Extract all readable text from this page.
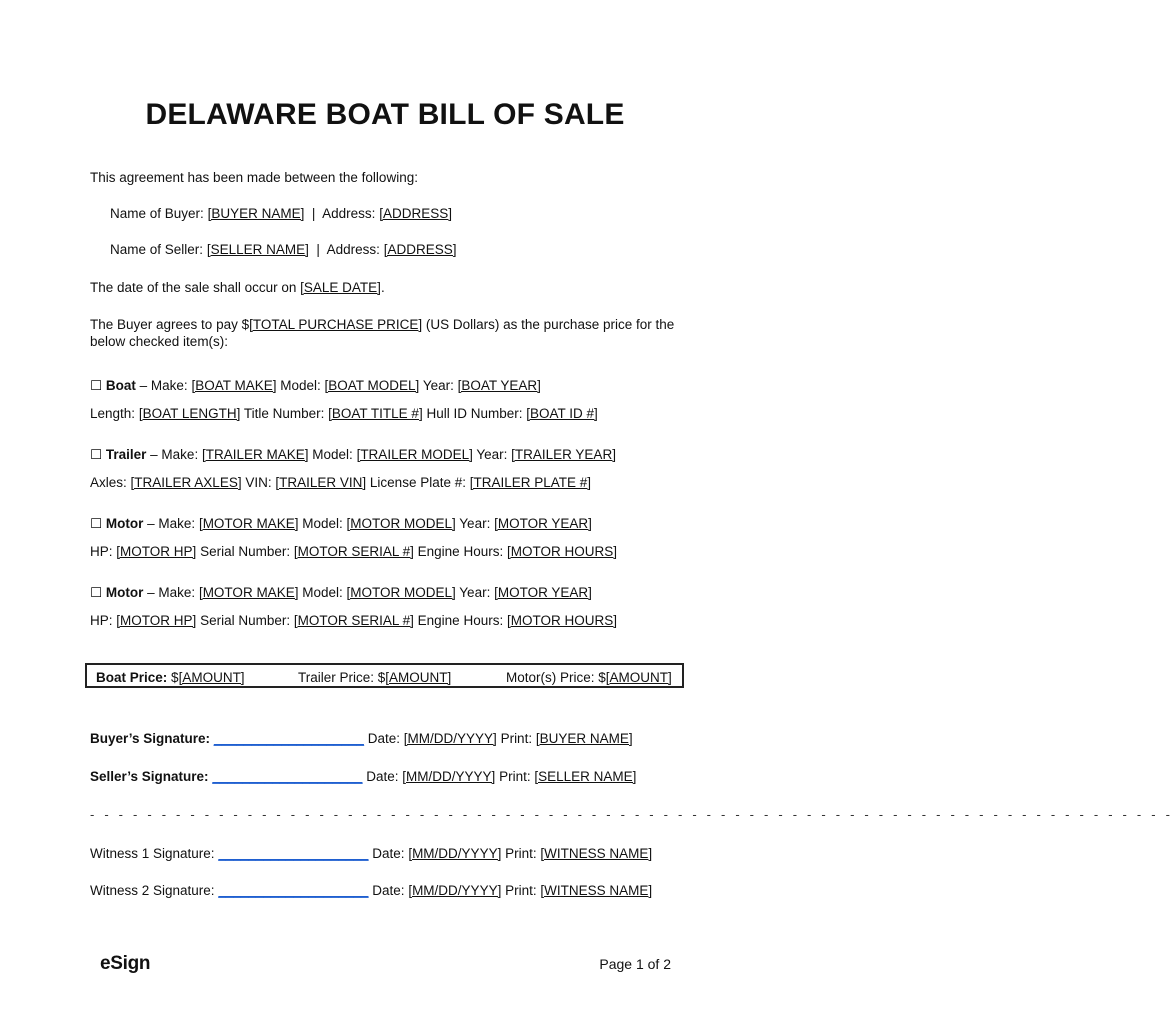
DELAWARE BOAT BILL OF SALE
This agreement has been made between the following:
Name of Buyer: [BUYER NAME] | Address: [ADDRESS]
Name of Seller: [SELLER NAME] | Address: [ADDRESS]
The date of the sale shall occur on [SALE DATE].
The Buyer agrees to pay $[TOTAL PURCHASE PRICE] (US Dollars) as the purchase price for the below checked item(s):
☐ Boat – Make: [BOAT MAKE] Model: [BOAT MODEL] Year: [BOAT YEAR]
Length: [BOAT LENGTH] Title Number: [BOAT TITLE #] Hull ID Number: [BOAT ID #]
☐ Trailer – Make: [TRAILER MAKE] Model: [TRAILER MODEL] Year: [TRAILER YEAR]
Axles: [TRAILER AXLES] VIN: [TRAILER VIN] License Plate #: [TRAILER PLATE #]
☐ Motor – Make: [MOTOR MAKE] Model: [MOTOR MODEL] Year: [MOTOR YEAR]
HP: [MOTOR HP] Serial Number: [MOTOR SERIAL #] Engine Hours: [MOTOR HOURS]
☐ Motor – Make: [MOTOR MAKE] Model: [MOTOR MODEL] Year: [MOTOR YEAR]
HP: [MOTOR HP] Serial Number: [MOTOR SERIAL #] Engine Hours: [MOTOR HOURS]
Boat Price: $[AMOUNT]	Trailer Price: $[AMOUNT]	Motor(s) Price: $[AMOUNT]
Buyer’s Signature: ____________________ Date: [MM/DD/YYYY] Print: [BUYER NAME]
Seller’s Signature: ____________________ Date: [MM/DD/YYYY] Print: [SELLER NAME]
- - - - - - - - - - - - - - - - - - - - - - - - - - - - - - - - - - - - - - - - - - - - - - - - - - - - - - - - - - - - - - - - - - - - - - - - - - - -
Witness 1 Signature: ____________________ Date: [MM/DD/YYYY] Print: [WITNESS NAME]
Witness 2 Signature: ____________________ Date: [MM/DD/YYYY] Print: [WITNESS NAME]
eSign	Page 1 of 2
